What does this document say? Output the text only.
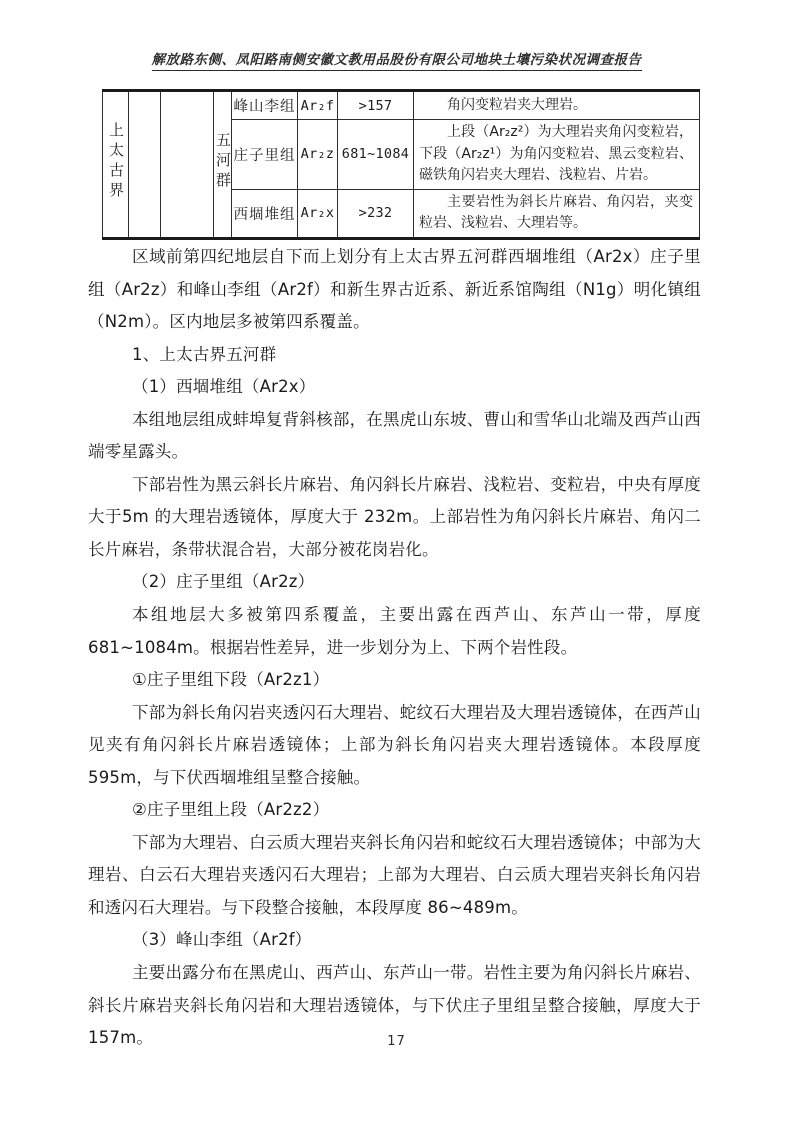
解放路东侧、凤阳路南侧安徽文教用品股份有限公司地块土壤污染状况调查报告
上太古界			五河群	峰山李组	Ar₂f	>157	角闪变粒岩夹大理岩。
				庄子里组	Ar₂z	681~1084	上段（Ar₂z²）为大理岩夹角闪变粒岩，下段（Ar₂z¹）为角闪变粒岩、黑云变粒岩、磁铁角闪岩夹大理岩、浅粒岩、片岩。
				西堌堆组	Ar₂x	>232	主要岩性为斜长片麻岩、角闪岩，夹变粒岩、浅粒岩、大理岩等。

区域前第四纪地层自下而上划分有上太古界五河群西堌堆组（Ar2x）庄子里组（Ar2z）和峰山李组（Ar2f）和新生界古近系、新近系馆陶组（N1g）明化镇组（N2m）。区内地层多被第四系覆盖。

1、上太古界五河群

（1）西堌堆组（Ar2x）

本组地层组成蚌埠复背斜核部，在黑虎山东坡、曹山和雪华山北端及西芦山西端零星露头。

下部岩性为黑云斜长片麻岩、角闪斜长片麻岩、浅粒岩、变粒岩，中央有厚度大于5m 的大理岩透镜体，厚度大于 232m。上部岩性为角闪斜长片麻岩、角闪二长片麻岩，条带状混合岩，大部分被花岗岩化。

（2）庄子里组（Ar2z）

本组地层大多被第四系覆盖，主要出露在西芦山、东芦山一带，厚度 681~1084m。根据岩性差异，进一步划分为上、下两个岩性段。

①庄子里组下段（Ar2z1）

下部为斜长角闪岩夹透闪石大理岩、蛇纹石大理岩及大理岩透镜体，在西芦山见夹有角闪斜长片麻岩透镜体；上部为斜长角闪岩夹大理岩透镜体。本段厚度595m，与下伏西堌堆组呈整合接触。

②庄子里组上段（Ar2z2）

下部为大理岩、白云质大理岩夹斜长角闪岩和蛇纹石大理岩透镜体；中部为大理岩、白云石大理岩夹透闪石大理岩；上部为大理岩、白云质大理岩夹斜长角闪岩和透闪石大理岩。与下段整合接触，本段厚度 86~489m。

（3）峰山李组（Ar2f）

主要出露分布在黑虎山、西芦山、东芦山一带。岩性主要为角闪斜长片麻岩、斜长片麻岩夹斜长角闪岩和大理岩透镜体，与下伏庄子里组呈整合接触，厚度大于157m。	17
